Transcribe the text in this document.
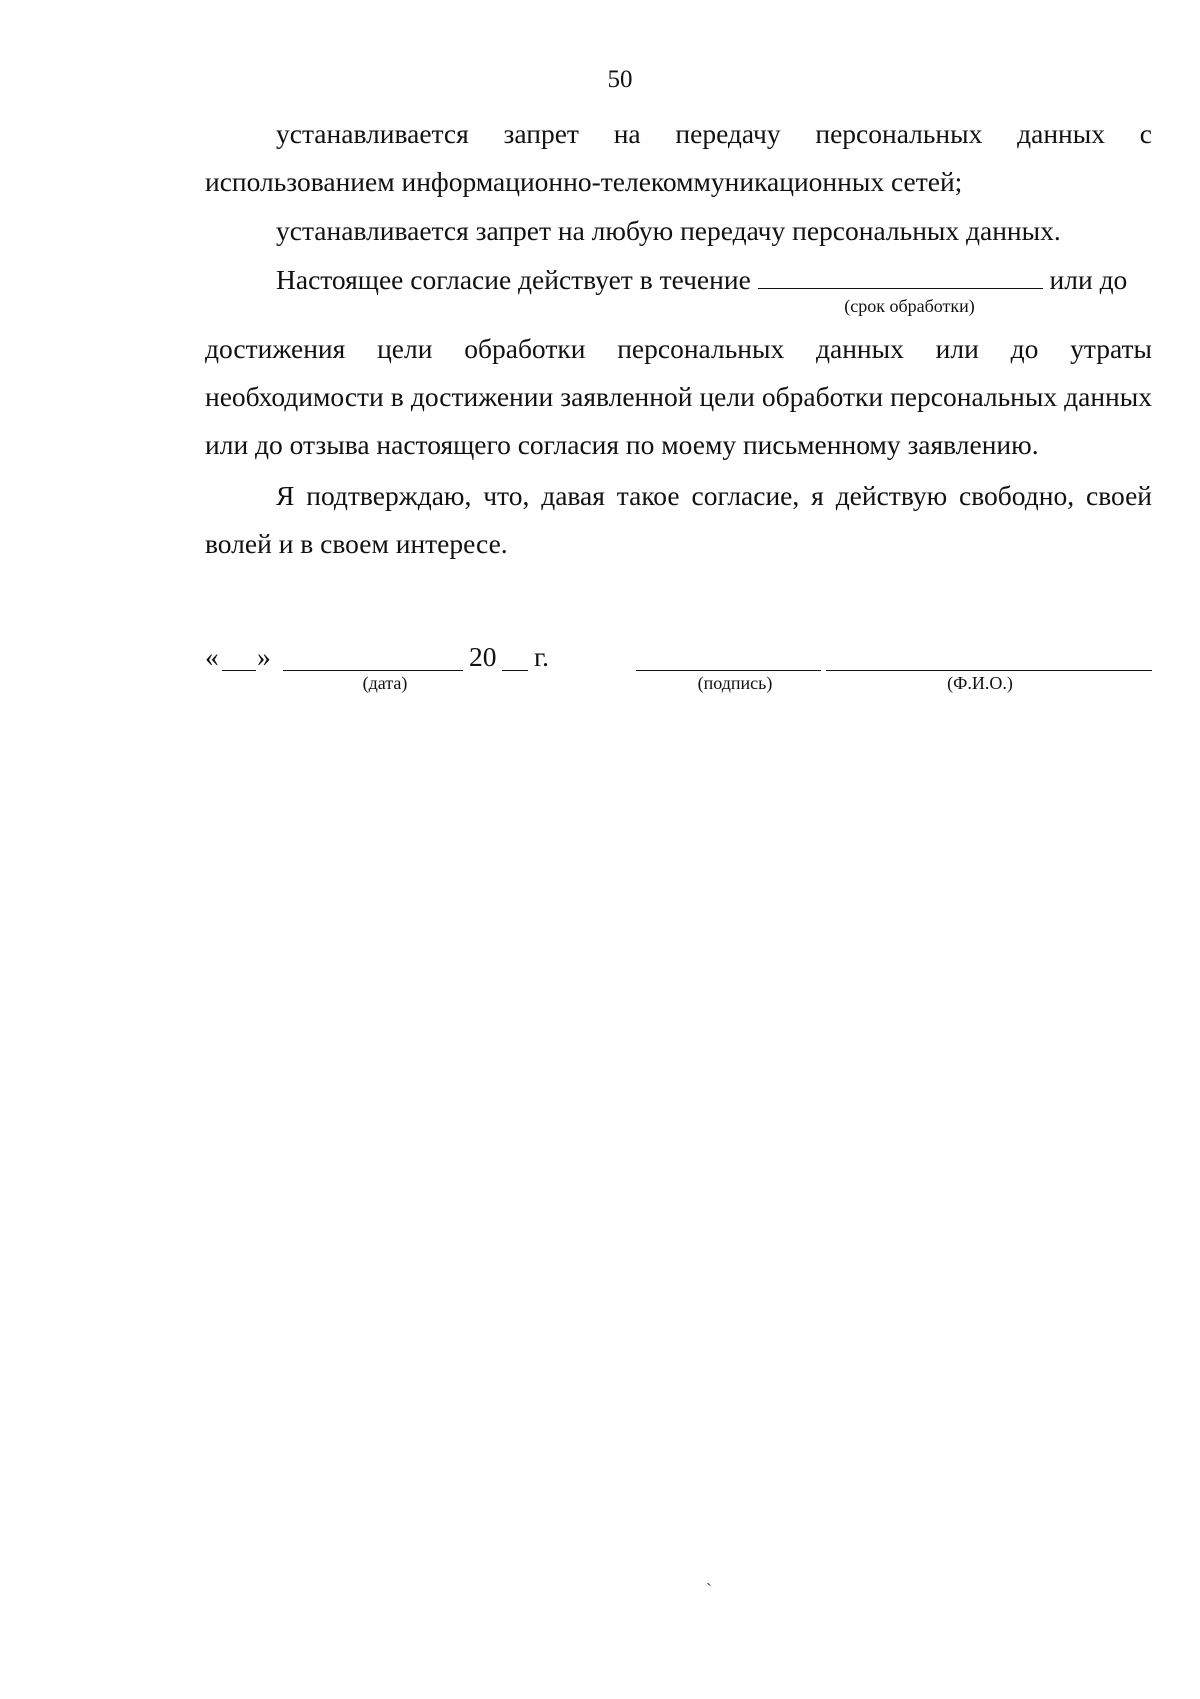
50

устанавливается запрет на передачу персональных данных с использованием информационно-телекоммуникационных сетей;

устанавливается запрет на любую передачу персональных данных.

Настоящее согласие действует в течение	или до
(срок обработки)

достижения цели обработки персональных данных или до утраты необходимости в достижении заявленной цели обработки персональных данных или до отзыва настоящего согласия по моему письменному заявлению.

Я подтверждаю, что, давая такое согласие, я действую свободно, своей волей и в своем интересе.

« »	20 г.
(дата)	(подпись)	(Ф.И.О.)
`
